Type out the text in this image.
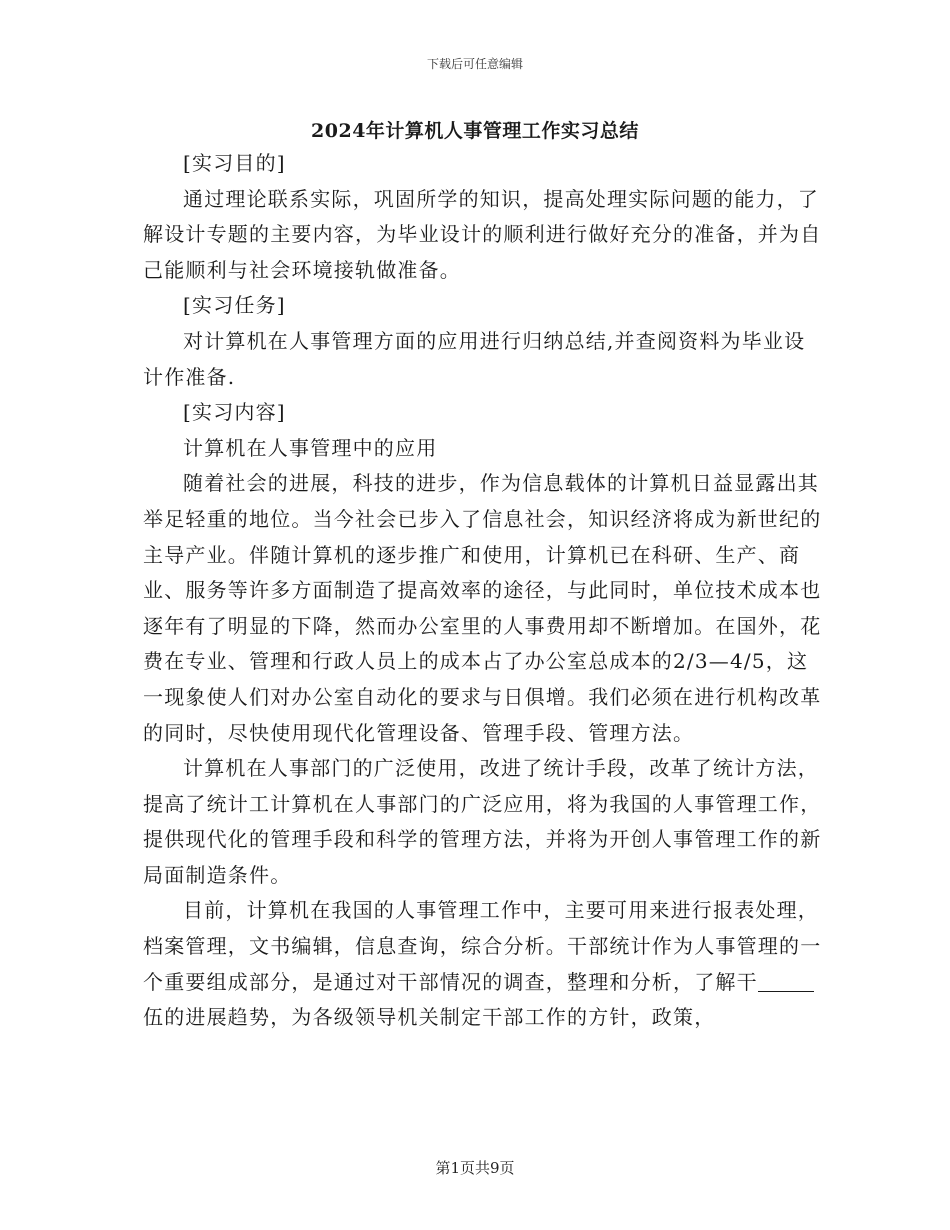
下载后可任意编辑
2024年计算机人事管理工作实习总结

[实习目的]

通过理论联系实际，巩固所学的知识，提高处理实际问题的能力，了解设计专题的主要内容，为毕业设计的顺利进行做好充分的准备，并为自己能顺利与社会环境接轨做准备。

[实习任务]

对计算机在人事管理方面的应用进行归纳总结,并查阅资料为毕业设计作准备.

[实习内容]

计算机在人事管理中的应用

随着社会的进展，科技的进步，作为信息载体的计算机日益显露出其举足轻重的地位。当今社会已步入了信息社会，知识经济将成为新世纪的主导产业。伴随计算机的逐步推广和使用，计算机已在科研、生产、商业、服务等许多方面制造了提高效率的途径，与此同时，单位技术成本也逐年有了明显的下降，然而办公室里的人事费用却不断增加。在国外，花费在专业、管理和行政人员上的成本占了办公室总成本的2/3—4/5，这一现象使人们对办公室自动化的要求与日俱增。我们必须在进行机构改革的同时，尽快使用现代化管理设备、管理手段、管理方法。

计算机在人事部门的广泛使用，改进了统计手段，改革了统计方法，提高了统计工计算机在人事部门的广泛应用，将为我国的人事管理工作，提供现代化的管理手段和科学的管理方法，并将为开创人事管理工作的新局面制造条件。

目前，计算机在我国的人事管理工作中，主要可用来进行报表处理，档案管理，文书编辑，信息查询，综合分析。干部统计作为人事管理的一个重要组成部分，是通过对干部情况的调查，整理和分析，了解干伍的进展趋势，为各级领导机关制定干部工作的方针，政策，

第1页共9页
